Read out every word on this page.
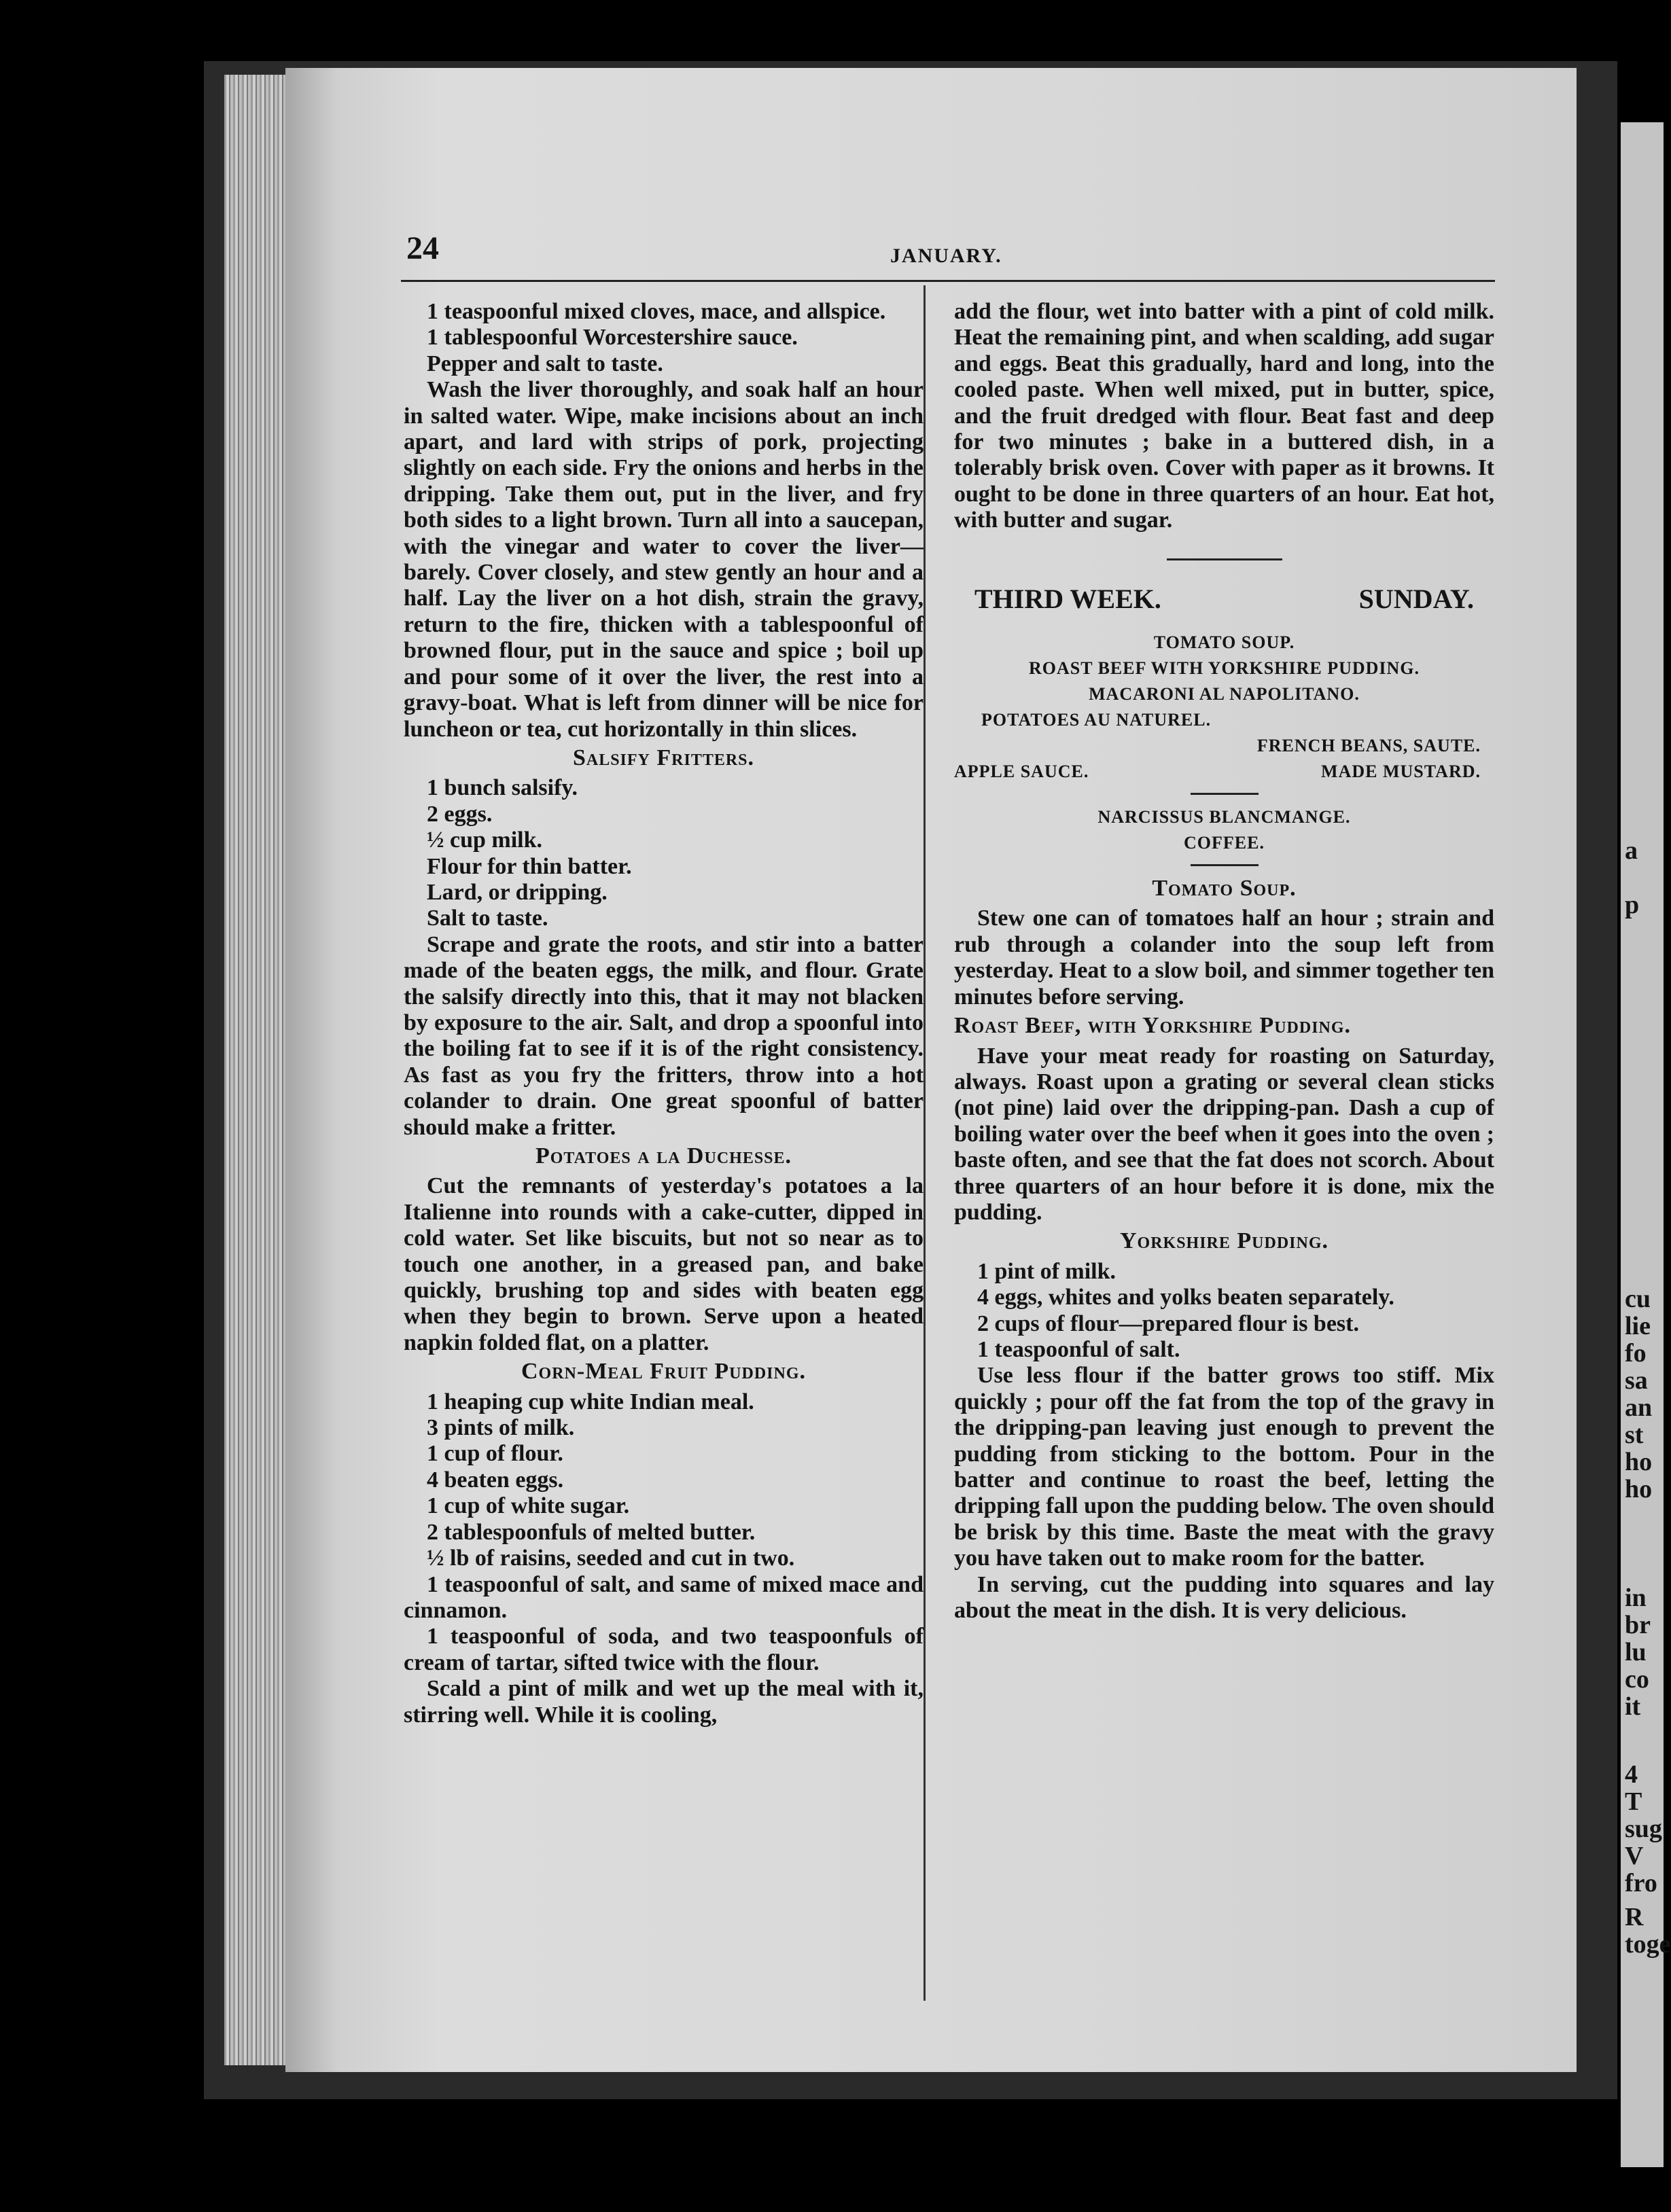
a
p
cu
lie
fo
sa
an
st
ho
ho
in
br
lu
co
it
4
T
sug
V
fro
R
toge
24	JANUARY.

1 teaspoonful mixed cloves, mace, and allspice.

1 tablespoonful Worcestershire sauce.

Pepper and salt to taste.

Wash the liver thoroughly, and soak half an hour in salted water. Wipe, make incisions about an inch apart, and lard with strips of pork, projecting slightly on each side. Fry the onions and herbs in the dripping. Take them out, put in the liver, and fry both sides to a light brown. Turn all into a saucepan, with the vinegar and water to cover the liver—barely. Cover closely, and stew gently an hour and a half. Lay the liver on a hot dish, strain the gravy, return to the fire, thicken with a tablespoonful of browned flour, put in the sauce and spice ; boil up and pour some of it over the liver, the rest into a gravy-boat. What is left from dinner will be nice for luncheon or tea, cut horizontally in thin slices.

Salsify Fritters.

1 bunch salsify.

2 eggs.

½ cup milk.

Flour for thin batter.

Lard, or dripping.

Salt to taste.

Scrape and grate the roots, and stir into a batter made of the beaten eggs, the milk, and flour. Grate the salsify directly into this, that it may not blacken by exposure to the air. Salt, and drop a spoonful into the boiling fat to see if it is of the right consistency. As fast as you fry the fritters, throw into a hot colander to drain. One great spoonful of batter should make a fritter.

Potatoes a la Duchesse.

Cut the remnants of yesterday's potatoes a la Italienne into rounds with a cake-cutter, dipped in cold water. Set like biscuits, but not so near as to touch one another, in a greased pan, and bake quickly, brushing top and sides with beaten egg when they begin to brown. Serve upon a heated napkin folded flat, on a platter.

Corn-Meal Fruit Pudding.

1 heaping cup white Indian meal.

3 pints of milk.

1 cup of flour.

4 beaten eggs.

1 cup of white sugar.

2 tablespoonfuls of melted butter.

½ lb of raisins, seeded and cut in two.

1 teaspoonful of salt, and same of mixed mace and cinnamon.

1 teaspoonful of soda, and two teaspoonfuls of cream of tartar, sifted twice with the flour.

Scald a pint of milk and wet up the meal with it, stirring well. While it is cooling,

add the flour, wet into batter with a pint of cold milk. Heat the remaining pint, and when scalding, add sugar and eggs. Beat this gradually, hard and long, into the cooled paste. When well mixed, put in butter, spice, and the fruit dredged with flour. Beat fast and deep for two minutes ; bake in a buttered dish, in a tolerably brisk oven. Cover with paper as it browns. It ought to be done in three quarters of an hour. Eat hot, with butter and sugar.

THIRD WEEK.	SUNDAY.
TOMATO SOUP.
ROAST BEEF WITH YORKSHIRE PUDDING.
MACARONI AL NAPOLITANO.
POTATOES AU NATUREL.
FRENCH BEANS, SAUTE.
APPLE SAUCE.	MADE MUSTARD.
NARCISSUS BLANCMANGE.
COFFEE.
Tomato Soup.

Stew one can of tomatoes half an hour ; strain and rub through a colander into the soup left from yesterday. Heat to a slow boil, and simmer together ten minutes before serving.

Roast Beef, with Yorkshire Pudding.

Have your meat ready for roasting on Saturday, always. Roast upon a grating or several clean sticks (not pine) laid over the dripping-pan. Dash a cup of boiling water over the beef when it goes into the oven ; baste often, and see that the fat does not scorch. About three quarters of an hour before it is done, mix the pudding.

Yorkshire Pudding.

1 pint of milk.

4 eggs, whites and yolks beaten separately.

2 cups of flour—prepared flour is best.

1 teaspoonful of salt.

Use less flour if the batter grows too stiff. Mix quickly ; pour off the fat from the top of the gravy in the dripping-pan leaving just enough to prevent the pudding from sticking to the bottom. Pour in the batter and continue to roast the beef, letting the dripping fall upon the pudding below. The oven should be brisk by this time. Baste the meat with the gravy you have taken out to make room for the batter.

In serving, cut the pudding into squares and lay about the meat in the dish. It is very delicious.
